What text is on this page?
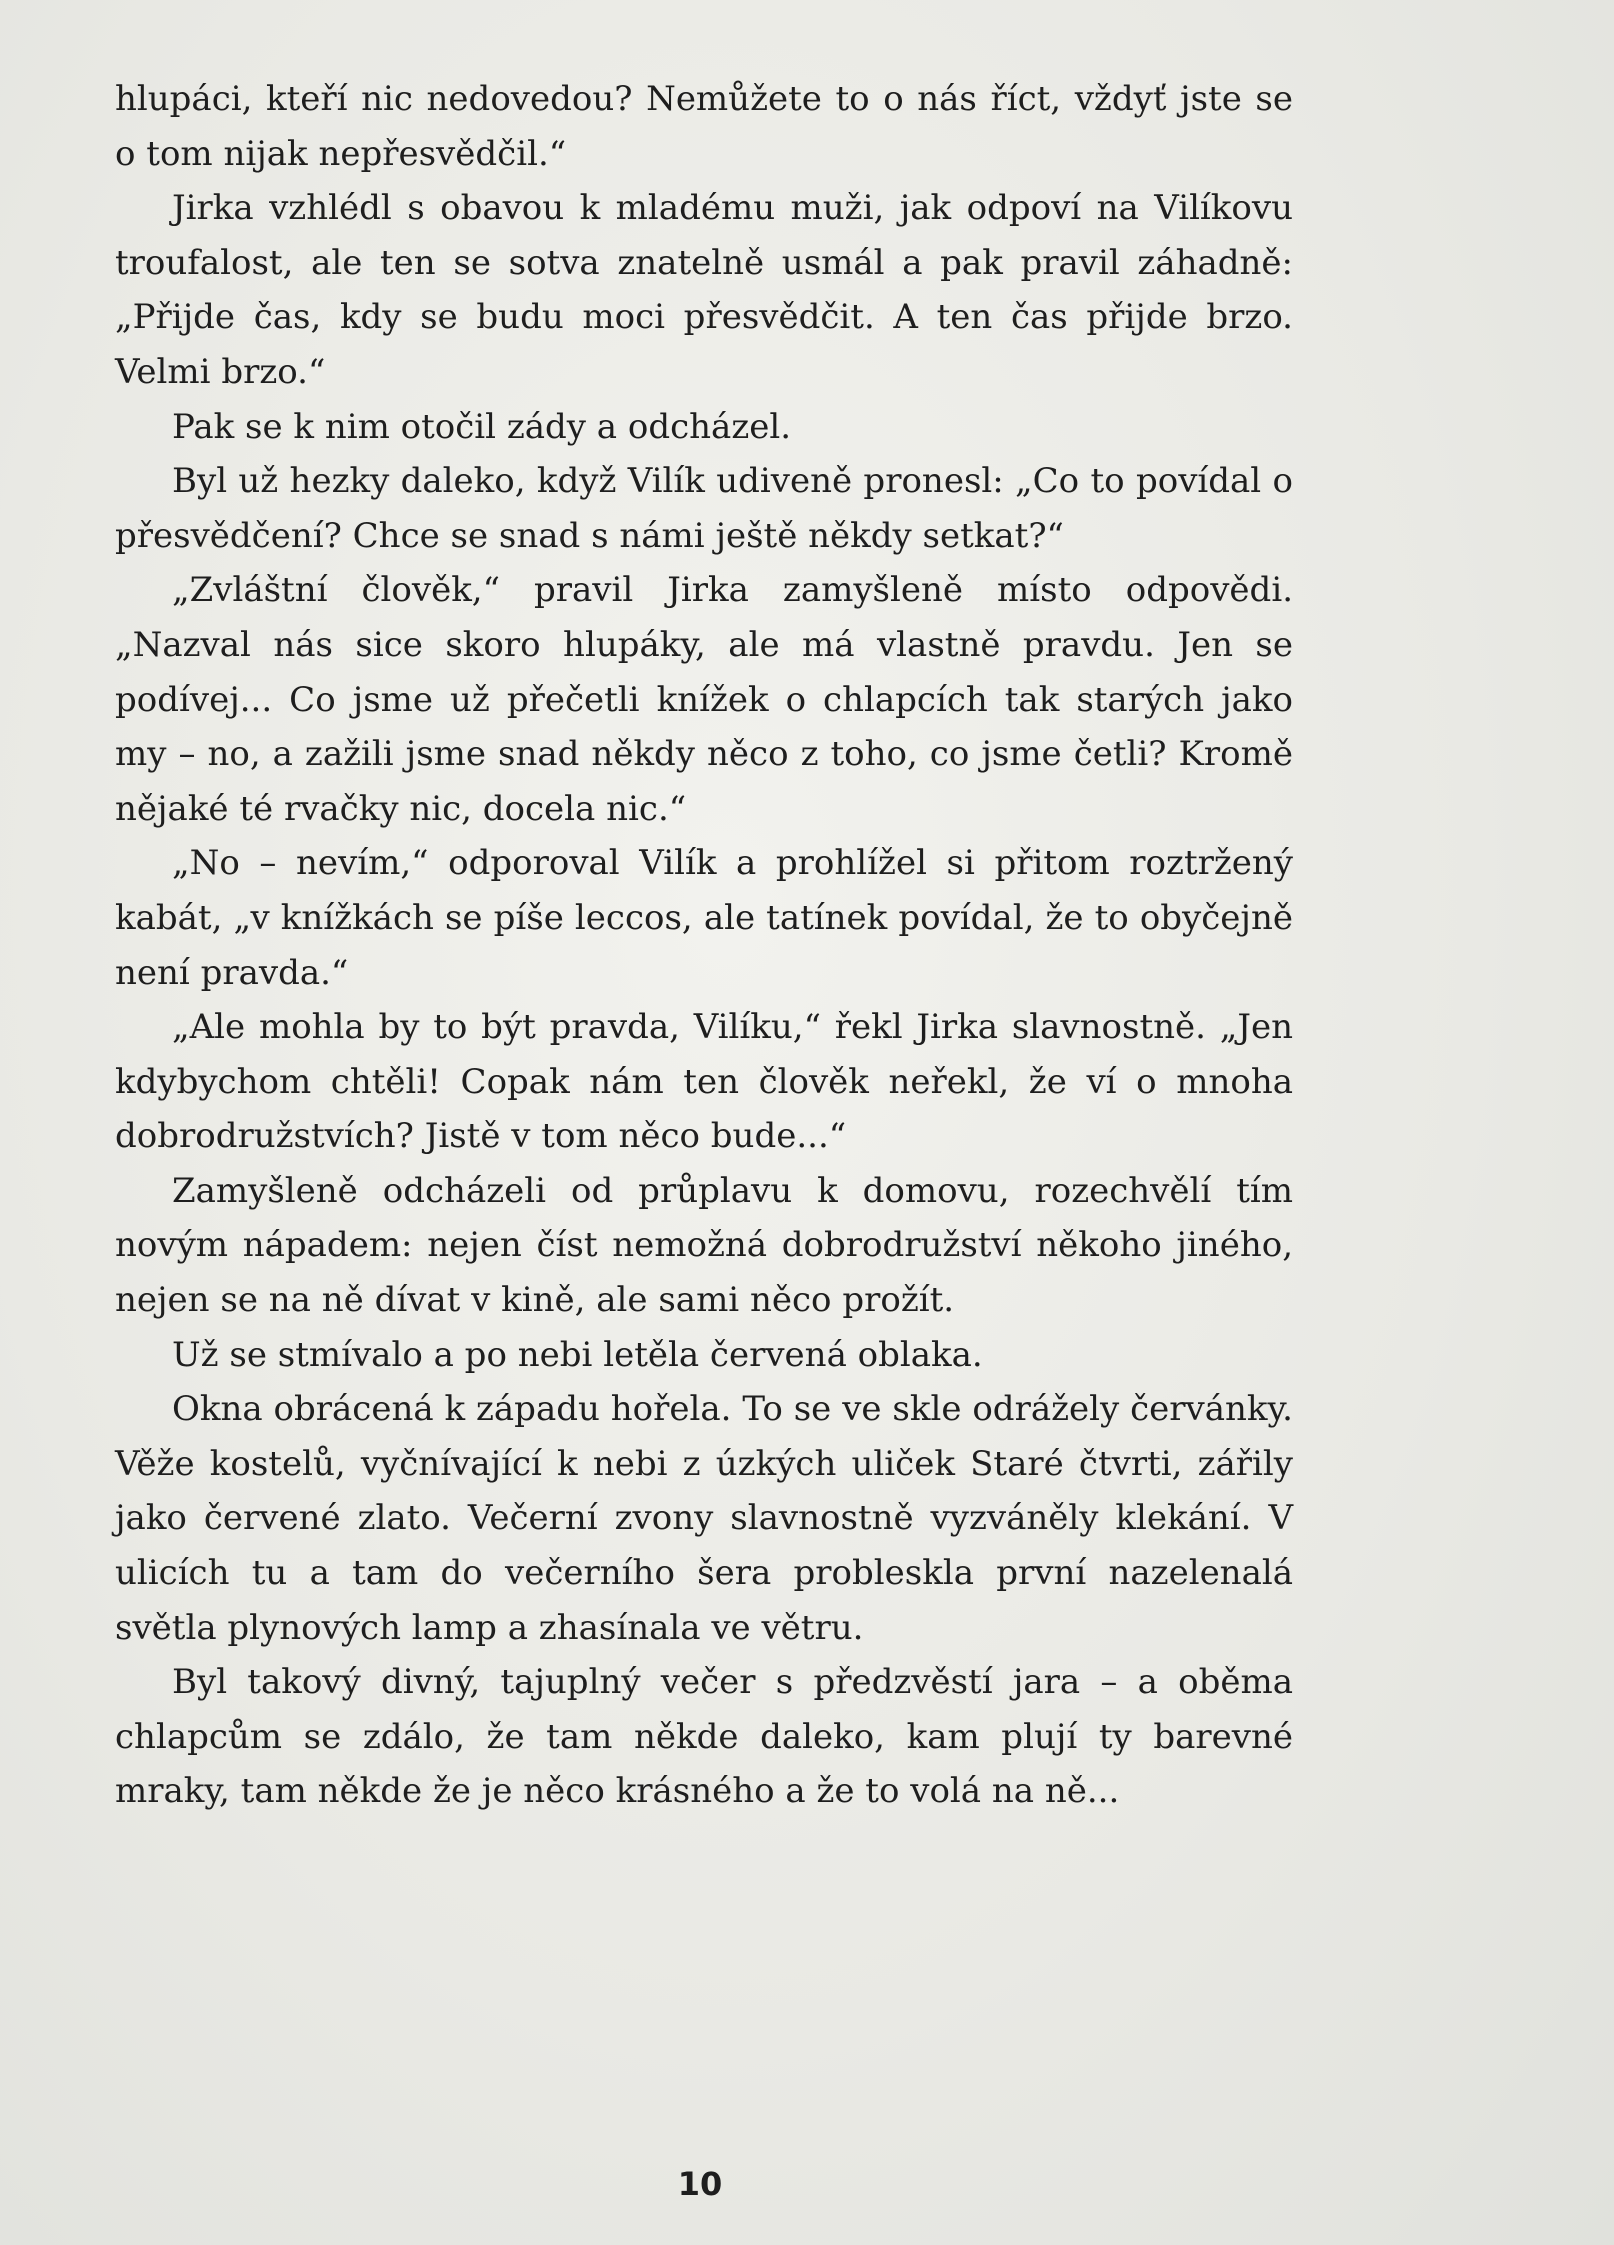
hlupáci, kteří nic nedovedou? Nemůžete to o nás říct, vždyť jste se o tom nijak nepřesvědčil.“

Jirka vzhlédl s obavou k mladému muži, jak odpoví na Vilíkovu troufalost, ale ten se sotva znatelně usmál a pak pravil záhadně: „Přijde čas, kdy se budu moci přesvědčit. A ten čas přijde brzo. Velmi brzo.“

Pak se k nim otočil zády a odcházel.

Byl už hezky daleko, když Vilík udiveně pronesl: „Co to povídal o přesvědčení? Chce se snad s námi ještě někdy setkat?“

„Zvláštní člověk,“ pravil Jirka zamyšleně místo odpovědi. „Nazval nás sice skoro hlupáky, ale má vlastně pravdu. Jen se podívej... Co jsme už přečetli knížek o chlapcích tak starých jako my – no, a zažili jsme snad někdy něco z toho, co jsme četli? Kromě nějaké té rvačky nic, docela nic.“

„No – nevím,“ odporoval Vilík a prohlížel si přitom roztržený kabát, „v knížkách se píše leccos, ale tatínek povídal, že to obyčejně není pravda.“

„Ale mohla by to být pravda, Vilíku,“ řekl Jirka slavnostně. „Jen kdybychom chtěli! Copak nám ten člověk neřekl, že ví o mnoha dobrodružstvích? Jistě v tom něco bude...“

Zamyšleně odcházeli od průplavu k domovu, rozechvělí tím novým nápadem: nejen číst nemožná dobrodružství někoho jiného, nejen se na ně dívat v kině, ale sami něco prožít.

Už se stmívalo a po nebi letěla červená oblaka.

Okna obrácená k západu hořela. To se ve skle odrážely červánky. Věže kostelů, vyčnívající k nebi z úzkých uliček Staré čtvrti, zářily jako červené zlato. Večerní zvony slavnostně vyzváněly klekání. V ulicích tu a tam do večerního šera probleskla první nazelenalá světla plynových lamp a zhasínala ve větru.

Byl takový divný, tajuplný večer s předzvěstí jara – a oběma chlapcům se zdálo, že tam někde daleko, kam plují ty barevné mraky, tam někde že je něco krásného a že to volá na ně...

10
